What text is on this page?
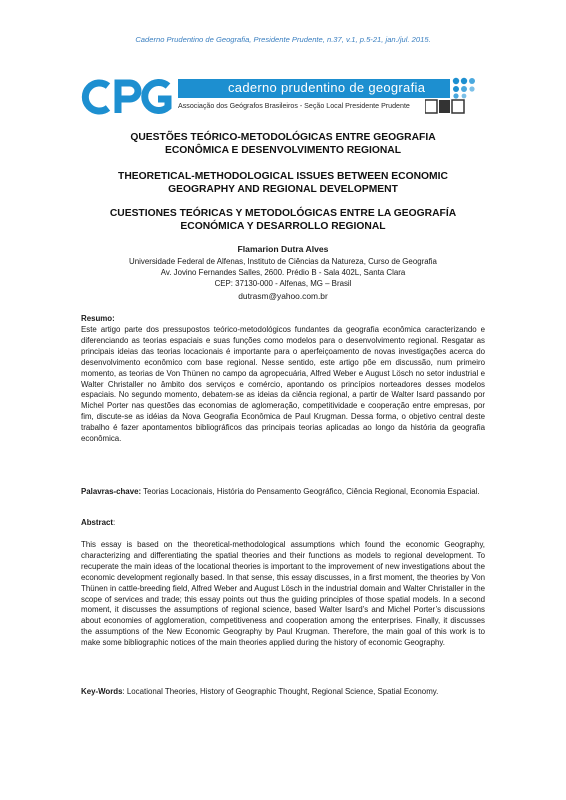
Caderno Prudentino de Geografia, Presidente Prudente, n.37, v.1, p.5-21, jan./jul. 2015.
caderno prudentino de geografia
Associação dos Geógrafos Brasileiros - Seção Local Presidente Prudente
QUESTÕES TEÓRICO-METODOLÓGICAS ENTRE GEOGRAFIA
ECONÔMICA E DESENVOLVIMENTO REGIONAL
THEORETICAL-METHODOLOGICAL ISSUES BETWEEN ECONOMIC
GEOGRAPHY AND REGIONAL DEVELOPMENT
CUESTIONES TEÓRICAS Y METODOLÓGICAS ENTRE LA GEOGRAFÍA
ECONÓMICA Y DESARROLLO REGIONAL
Flamarion Dutra Alves
Universidade Federal de Alfenas, Instituto de Ciências da Natureza, Curso de Geografia
Av. Jovino Fernandes Salles, 2600. Prédio B - Sala 402L, Santa Clara
CEP: 37130-000 - Alfenas, MG – Brasil
dutrasm@yahoo.com.br
Resumo:
Este artigo parte dos pressupostos teórico-metodológicos fundantes da geografia econômica caracterizando e diferenciando as teorias espaciais e suas funções como modelos para o desenvolvimento regional. Resgatar as principais ideias das teorias locacionais é importante para o aperfeiçoamento de novas investigações acerca do desenvolvimento econômico com base regional. Nesse sentido, este artigo põe em discussão, num primeiro momento, as teorias de Von Thünen no campo da agropecuária, Alfred Weber e August Lösch no setor industrial e Walter Christaller no âmbito dos serviços e comércio, apontando os princípios norteadores desses modelos espaciais. No segundo momento, debatem-se as ideias da ciência regional, a partir de Walter Isard passando por Michel Porter nas questões das economias de aglomeração, competitividade e cooperação entre empresas, por fim, discute-se as idéias da Nova Geografia Econômica de Paul Krugman. Dessa forma, o objetivo central deste trabalho é fazer apontamentos bibliográficos das principais teorias aplicadas ao longo da história da geografia econômica.
Palavras-chave: Teorias Locacionais, História do Pensamento Geográfico, Ciência Regional, Economia Espacial.
Abstract:
This essay is based on the theoretical-methodological assumptions which found the economic Geography, characterizing and differentiating the spatial theories and their functions as models to regional development. To recuperate the main ideas of the locational theories is important to the improvement of new investigations about the economic development regionally based. In that sense, this essay discusses, in a first moment, the theories by Von Thünen in cattle-breeding field, Alfred Weber and August Lösch in the industrial domain and Walter Christaller in the scope of services and trade; this essay points out thus the guiding principles of those spatial models. In a second moment, it discusses the assumptions of regional science, based Walter Isard’s and Michel Porter’s discussions about economies of agglomeration, competitiveness and cooperation among the enterprises. Finally, it discusses the assumptions of the New Economic Geography by Paul Krugman. Therefore, the main goal of this work is to make some bibliographic notices of the main theories applied during the history of economic Geography.
Key-Words: Locational Theories, History of Geographic Thought, Regional Science, Spatial Economy.
